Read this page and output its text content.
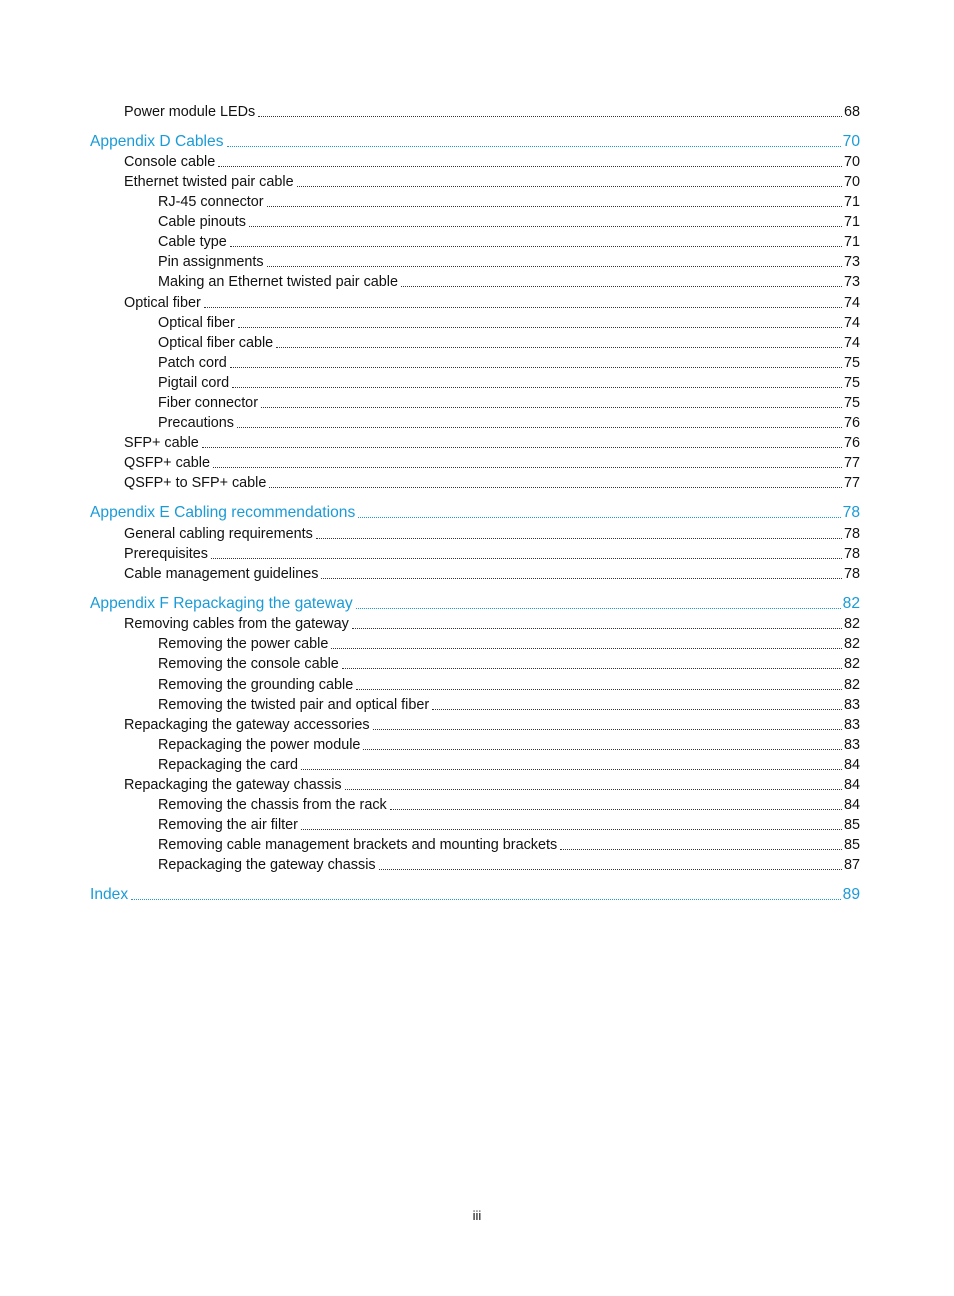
Power module LEDs	68
Appendix D Cables	70
Console cable	70
Ethernet twisted pair cable	70
RJ-45 connector	71
Cable pinouts	71
Cable type	71
Pin assignments	73
Making an Ethernet twisted pair cable	73
Optical fiber	74
Optical fiber	74
Optical fiber cable	74
Patch cord	75
Pigtail cord	75
Fiber connector	75
Precautions	76
SFP+ cable	76
QSFP+ cable	77
QSFP+ to SFP+ cable	77
Appendix E Cabling recommendations	78
General cabling requirements	78
Prerequisites	78
Cable management guidelines	78
Appendix F Repackaging the gateway	82
Removing cables from the gateway	82
Removing the power cable	82
Removing the console cable	82
Removing the grounding cable	82
Removing the twisted pair and optical fiber	83
Repackaging the gateway accessories	83
Repackaging the power module	83
Repackaging the card	84
Repackaging the gateway chassis	84
Removing the chassis from the rack	84
Removing the air filter	85
Removing cable management brackets and mounting brackets	85
Repackaging the gateway chassis	87
Index	89
iii
